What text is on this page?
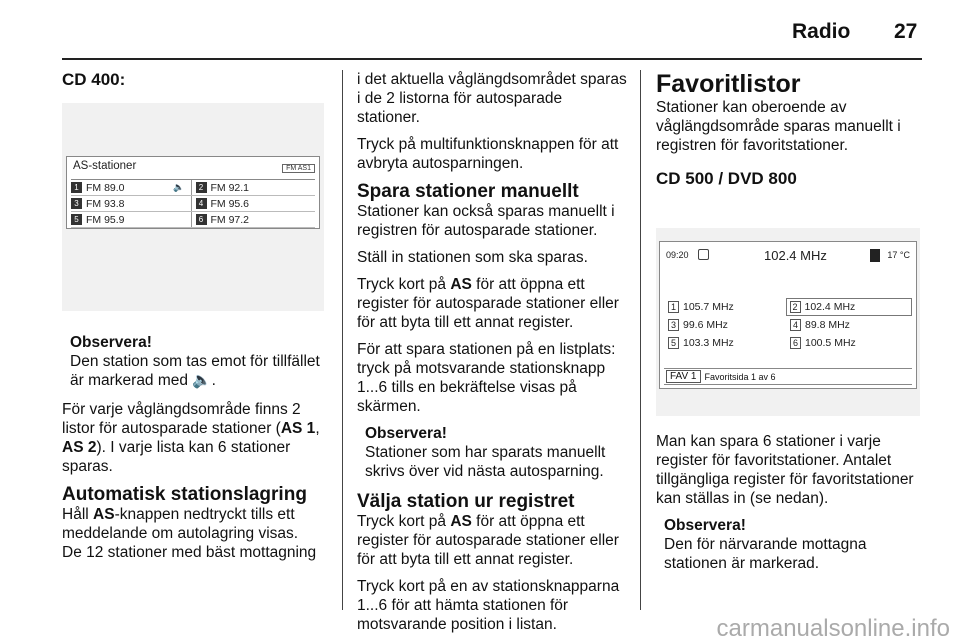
Radio 27

CD 400:

AS-stationer	FM AS1
1 FM 89.0	🔈	2 FM 92.1
3 FM 93.8	4 FM 95.6
5 FM 95.9	6 FM 97.2
Observera!
Den station som tas emot för tillfället är markerad med 🔈.

För varje våglängdsområde finns 2 listor för autosparade stationer (AS 1, AS 2). I varje lista kan 6 stationer sparas.

Automatisk stationslagring

Håll AS-knappen nedtryckt tills ett meddelande om autolagring visas.

De 12 stationer med bäst mottagning

i det aktuella våglängdsområdet sparas i de 2 listorna för autosparade stationer.

Tryck på multifunktionsknappen för att avbryta autosparningen.

Spara stationer manuellt

Stationer kan också sparas manuellt i registren för autosparade stationer.

Ställ in stationen som ska sparas.

Tryck kort på AS för att öppna ett register för autosparade stationer eller för att byta till ett annat register.

För att spara stationen på en listplats: tryck på motsvarande stationsknapp 1...6 tills en bekräftelse visas på skärmen.

Observera!
Stationer som har sparats manuellt skrivs över vid nästa autosparning.
Välja station ur registret

Tryck kort på AS för att öppna ett register för autosparade stationer eller för att byta till ett annat register.

Tryck kort på en av stationsknapparna 1...6 för att hämta stationen för motsvarande position i listan.

Favoritlistor

Stationer kan oberoende av våglängdsområde sparas manuellt i registren för favoritstationer.

CD 500 / DVD 800

09:20	102.4 MHz	17 °C
1 105.7 MHz	2 102.4 MHz
3 99.6 MHz	4 89.8 MHz
5 103.3 MHz	6 100.5 MHz
FAV 1 Favoritsida 1 av 6

Man kan spara 6 stationer i varje register för favoritstationer. Antalet tillgängliga register för favoritstationer kan ställas in (se nedan).

Observera!
Den för närvarande mottagna stationen är markerad.
carmanualsonline.info
